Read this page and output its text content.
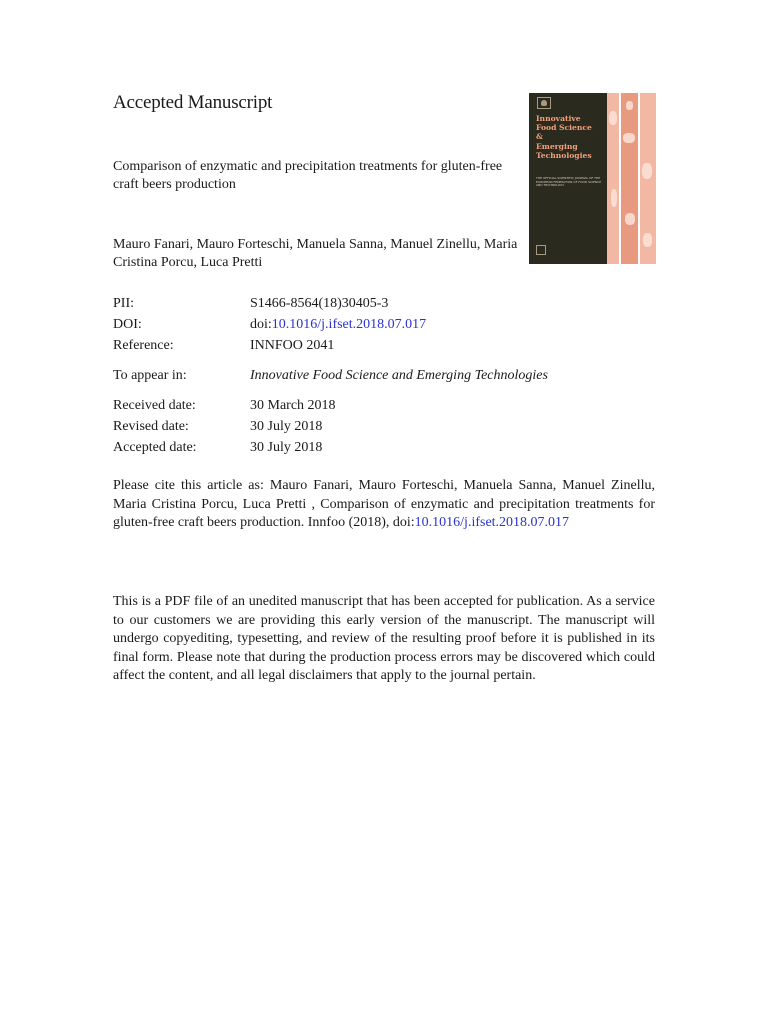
Accepted Manuscript
Comparison of enzymatic and precipitation treatments for gluten-free craft beers production
Mauro Fanari, Mauro Forteschi, Manuela Sanna, Manuel Zinellu, Maria Cristina Porcu, Luca Pretti
Innovative
Food Science
&
Emerging
Technologies
THE OFFICIAL SCIENTIFIC JOURNAL OF THE EUROPEAN FEDERATION OF FOOD SCIENCE AND TECHNOLOGY
PII:	S1466-8564(18)30405-3
DOI:	doi:10.1016/j.ifset.2018.07.017
Reference:	INNFOO 2041
To appear in:	Innovative Food Science and Emerging Technologies
Received date:	30 March 2018
Revised date:	30 July 2018
Accepted date:	30 July 2018
Please cite this article as: Mauro Fanari, Mauro Forteschi, Manuela Sanna, Manuel Zinellu, Maria Cristina Porcu, Luca Pretti , Comparison of enzymatic and precipitation treatments for gluten-free craft beers production. Innfoo (2018), doi:10.1016/j.ifset.2018.07.017
This is a PDF file of an unedited manuscript that has been accepted for publication. As a service to our customers we are providing this early version of the manuscript. The manuscript will undergo copyediting, typesetting, and review of the resulting proof before it is published in its final form. Please note that during the production process errors may be discovered which could affect the content, and all legal disclaimers that apply to the journal pertain.
